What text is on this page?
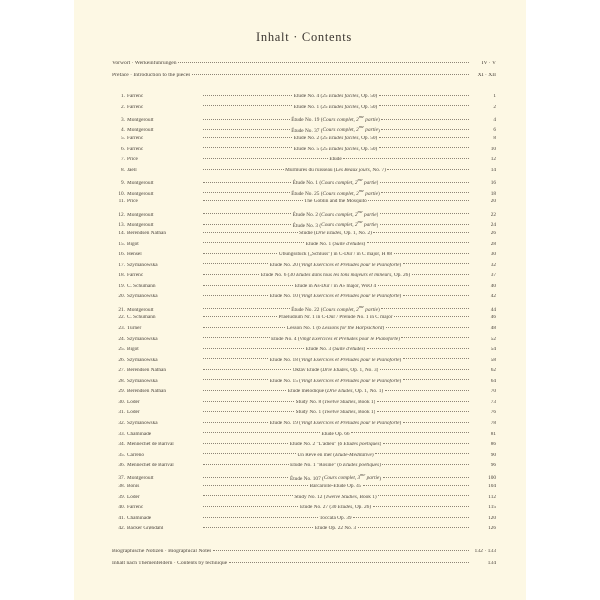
Inhalt · Contents
Vorwort · Werkeinführungen	IV · V
Préface · Introduction to the pieces	XI · XII
1. Farrenc	Étude No. 4 (25 Études faciles, Op. 50)	1
2. Farrenc	Étude No. 1 (25 Études faciles, Op. 50)	2
3. Montgeroult	Étude No. 19 (Cours complet, $2^{me}$ partie)	4
4. Montgeroult	Étude No. 37 (Cours complet, $2^{me}$ partie)	6
5. Farrenc	Étude No. 2 (25 Études faciles, Op. 50)	8
6. Farrenc	Étude No. 5 (25 Études faciles, Op. 50)	10
7. Price	Étude	12
8. Jaëll	Murmures du ruisseau (Les Beaux jours, No. 7)	14
9. Montgeroult	Étude No. 1 (Cours complet, $2^{me}$ partie)	16
10. Montgeroult	Étude No. 25 (Cours complet, $2^{me}$ partie)	18
11. Price	The Goblin and the Mosquito	20
12. Montgeroult	Étude No. 2 (Cours complet, $2^{me}$ partie)	22
13. Montgeroult	Étude No. 3 (Cours complet, $2^{me}$ partie)	24
14. Berendsen Nathan	Studie (Drie Etudes, Op. 1, No. 2)	26
15. Bigot	Étude No. 1 (Suite d'études)	28
16. Hensel	Übungsstück („Schluss") in C-Dur / in C major, H 88	30
17. Szymanowska	Étude No. 20 (Vingt Exercices et Préludes pour le Pianoforte)	32
18. Farrenc	Étude No. 6 (30 Études dans tous les tons majeurs et mineurs, Op. 26)	37
19. C. Schumann	Etüde in As-Dur / in A♭ major, WoO 4	40
20. Szymanowska	Étude No. 10 (Vingt Exercices et Préludes pour le Pianoforte)	42
21. Montgeroult	Étude No. 22 (Cours complet, $2^{me}$ partie)	44
22. C. Schumann	Praeludium Nr. 1 in C-Dur / Prelude No. 1 in C major	46
23. Turner	Lesson No. 1 (6 Lessons for the Harpsichord)	48
24. Szymanowska	Étude No. 4 (Vingt Exercices et Préludes pour le Pianoforte)	52
25. Bigot	Étude No. 3 (Suite d'études)	54
26. Szymanowska	Étude No. 18 (Vingt Exercices et Préludes pour le Pianoforte)	58
27. Berendsen Nathan	Oktav Etude (Drie Etudes, Op. 1, No. 3)	62
28. Szymanowska	Étude No. 15 (Vingt Exercices et Préludes pour le Pianoforte)	64
29. Berendsen Nathan	Étude mélodique (Drie Etudes, Op. 1, No. 1)	70
30. Loder	Study No. 8 (Twelve Studies, Book 1)	73
31. Loder	Study No. 1 (Twelve Studies, Book 1)	76
32. Szymanowska	Étude No. 19 (Vingt Exercices et Préludes pour le Pianoforte)	78
33. Chaminade	Étude Op. 66	81
34. Mennechet de Barival	Étude No. 2 "L'adieu" (6 Études poétiques)	86
35. Carreño	Un Rêve en mer (Étude-Méditative)	90
36. Mennechet de Barival	Étude No. 1 "Rosine" (6 Études poétiques)	96
37. Montgeroult	Étude No. 107 (Cours complet, $3^{me}$ partie)	100
38. Bonis	Barcarolle-Étude Op. 45	104
39. Loder	Study No. 12 (Twelve Studies, Book 1)	112
40. Farrenc	Étude No. 27 (30 Études, Op. 26)	115
41. Chaminade	Toccata Op. 39	120
42. Backer Grøndahl	Étude Op. 22 No. 3	126
Biographische Notizen · Biographical Notes	132 · 133
Inhalt nach Themenfeldern · Contents by technique	134
